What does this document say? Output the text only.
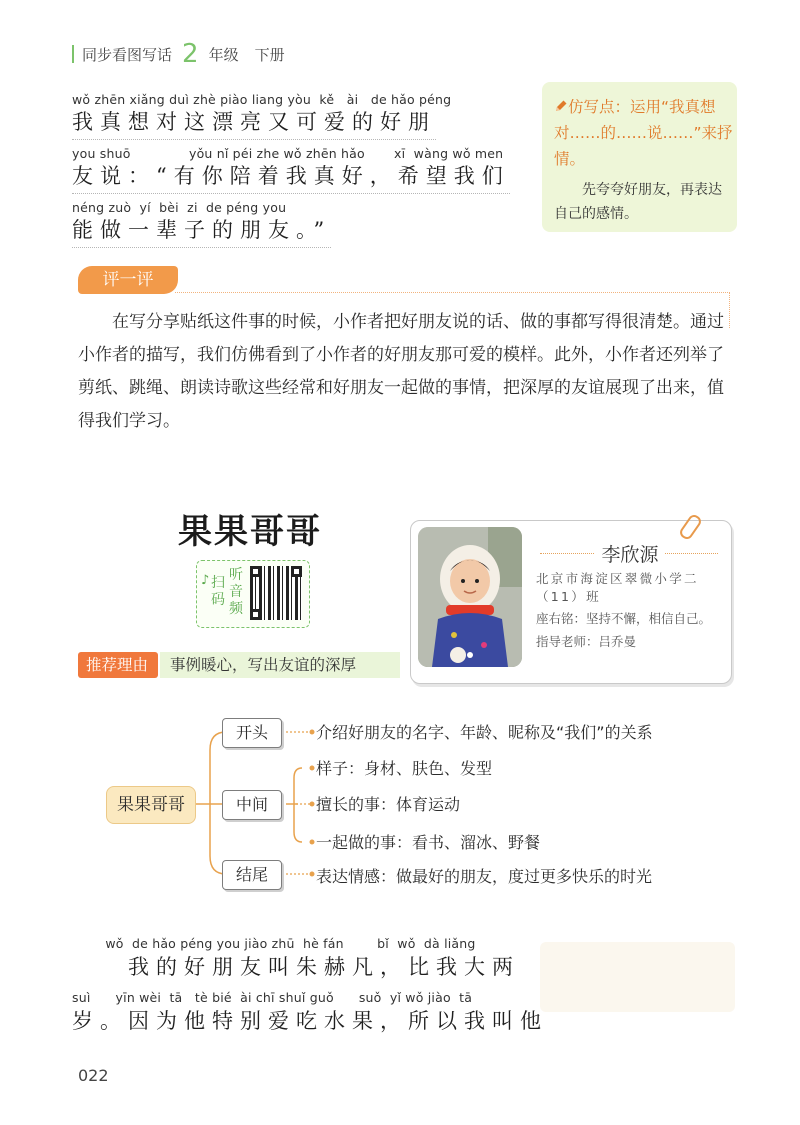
同步看图写话 2 年级 下册
wǒ zhēn xiǎng duì zhè piào liang yòu  kě   ài   de hǎo péng
我真想对这漂亮又可爱的好朋
you shuō              yǒu nǐ péi zhe wǒ zhēn hǎo       xī  wàng wǒ men
友说：“有你陪着我真好，希望我们
néng zuò  yí  bèi  zi  de péng you
能做一辈子的朋友。”
仿写点：运用“我真想对……的……说……”来抒情。
先夸夸好朋友，再表达自己的感情。
评一评
在写分享贴纸这件事的时候，小作者把好朋友说的话、做的事都写得很清楚。通过小作者的描写，我们仿佛看到了小作者的好朋友那可爱的模样。此外，小作者还列举了剪纸、跳绳、朗读诗歌这些经常和好朋友一起做的事情，把深厚的友谊展现了出来，值得我们学习。
果果哥哥
♪ 扫码
听音频
推荐理由	事例暖心，写出友谊的深厚
李欣源
北京市海淀区翠微小学二（11）班
座右铭：坚持不懈，相信自己。
指导老师：吕乔曼
果果哥哥
开头
中间
结尾
介绍好朋友的名字、年龄、昵称及“我们”的关系
样子：身材、肤色、发型
擅长的事：体育运动
一起做的事：看书、溜冰、野餐
表达情感：做最好的朋友，度过更多快乐的时光
wǒ  de hǎo péng you jiào zhū  hè fán        bǐ  wǒ  dà liǎng
　　我的好朋友叫朱赫凡，比我大两
suì      yīn wèi  tā   tè bié  ài chī shuǐ guǒ      suǒ  yǐ wǒ jiào  tā
岁。因为他特别爱吃水果，所以我叫他
022
